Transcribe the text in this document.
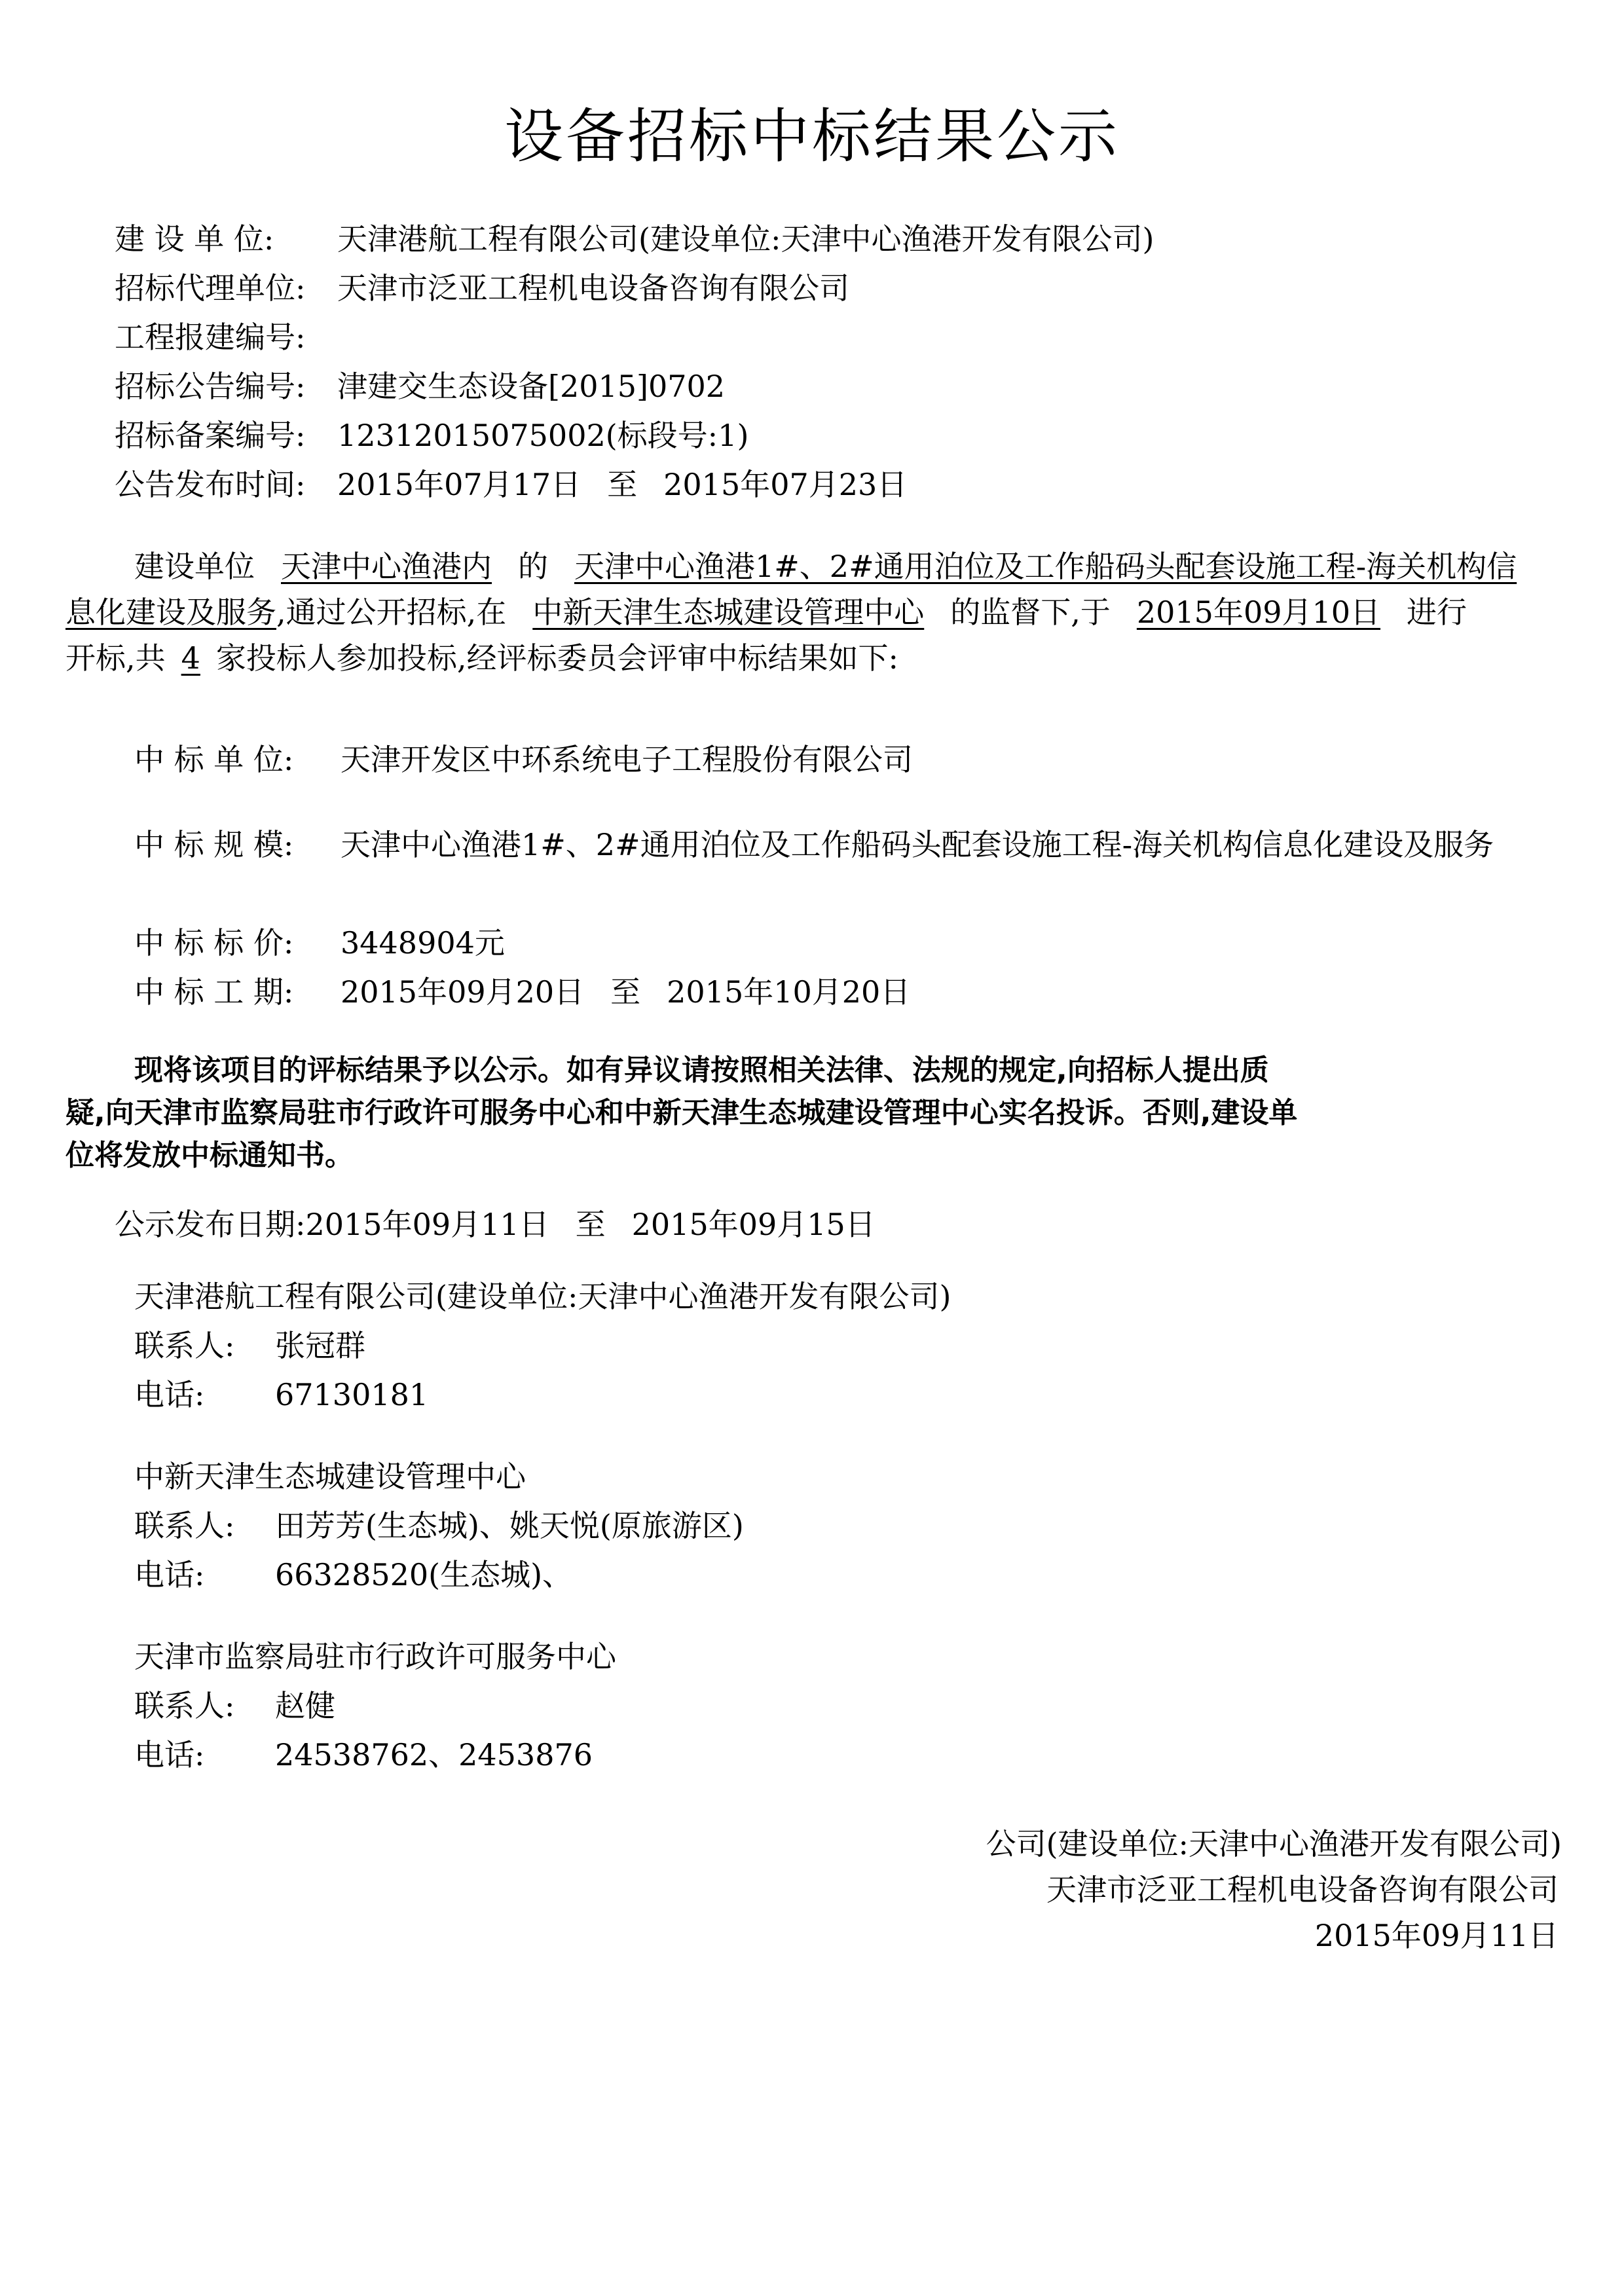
设备招标中标结果公示
建 设 单 位: 天津港航工程有限公司(建设单位:天津中心渔港开发有限公司)
招标代理单位: 天津市泛亚工程机电设备咨询有限公司
工程报建编号:
招标公告编号: 津建交生态设备[2015]0702
招标备案编号: 12312015075002(标段号:1)
公告发布时间: 2015年07月17日 至 2015年07月23日
建设单位 天津中心渔港内 的 天津中心渔港1#、2#通用泊位及工作船码头配套设施工程-海关机构信
息化建设及服务,通过公开招标,在 中新天津生态城建设管理中心 的监督下,于 2015年09月10日 进行
开标,共 4 家投标人参加投标,经评标委员会评审中标结果如下:
中 标 单 位: 天津开发区中环系统电子工程股份有限公司
中 标 规 模: 天津中心渔港1#、2#通用泊位及工作船码头配套设施工程-海关机构信息化建设及服务
中 标 标 价: 3448904元
中 标 工 期: 2015年09月20日 至 2015年10月20日
现将该项目的评标结果予以公示。如有异议请按照相关法律、法规的规定,向招标人提出质
疑,向天津市监察局驻市行政许可服务中心和中新天津生态城建设管理中心实名投诉。否则,建设单
位将发放中标通知书。
公示发布日期:2015年09月11日 至 2015年09月15日
天津港航工程有限公司(建设单位:天津中心渔港开发有限公司)
联系人: 张冠群
电话: 67130181
中新天津生态城建设管理中心
联系人: 田芳芳(生态城)、姚天悦(原旅游区)
电话: 66328520(生态城)、
天津市监察局驻市行政许可服务中心
联系人: 赵健
电话: 24538762、2453876
公司(建设单位:天津中心渔港开发有限公司)
天津市泛亚工程机电设备咨询有限公司
2015年09月11日
